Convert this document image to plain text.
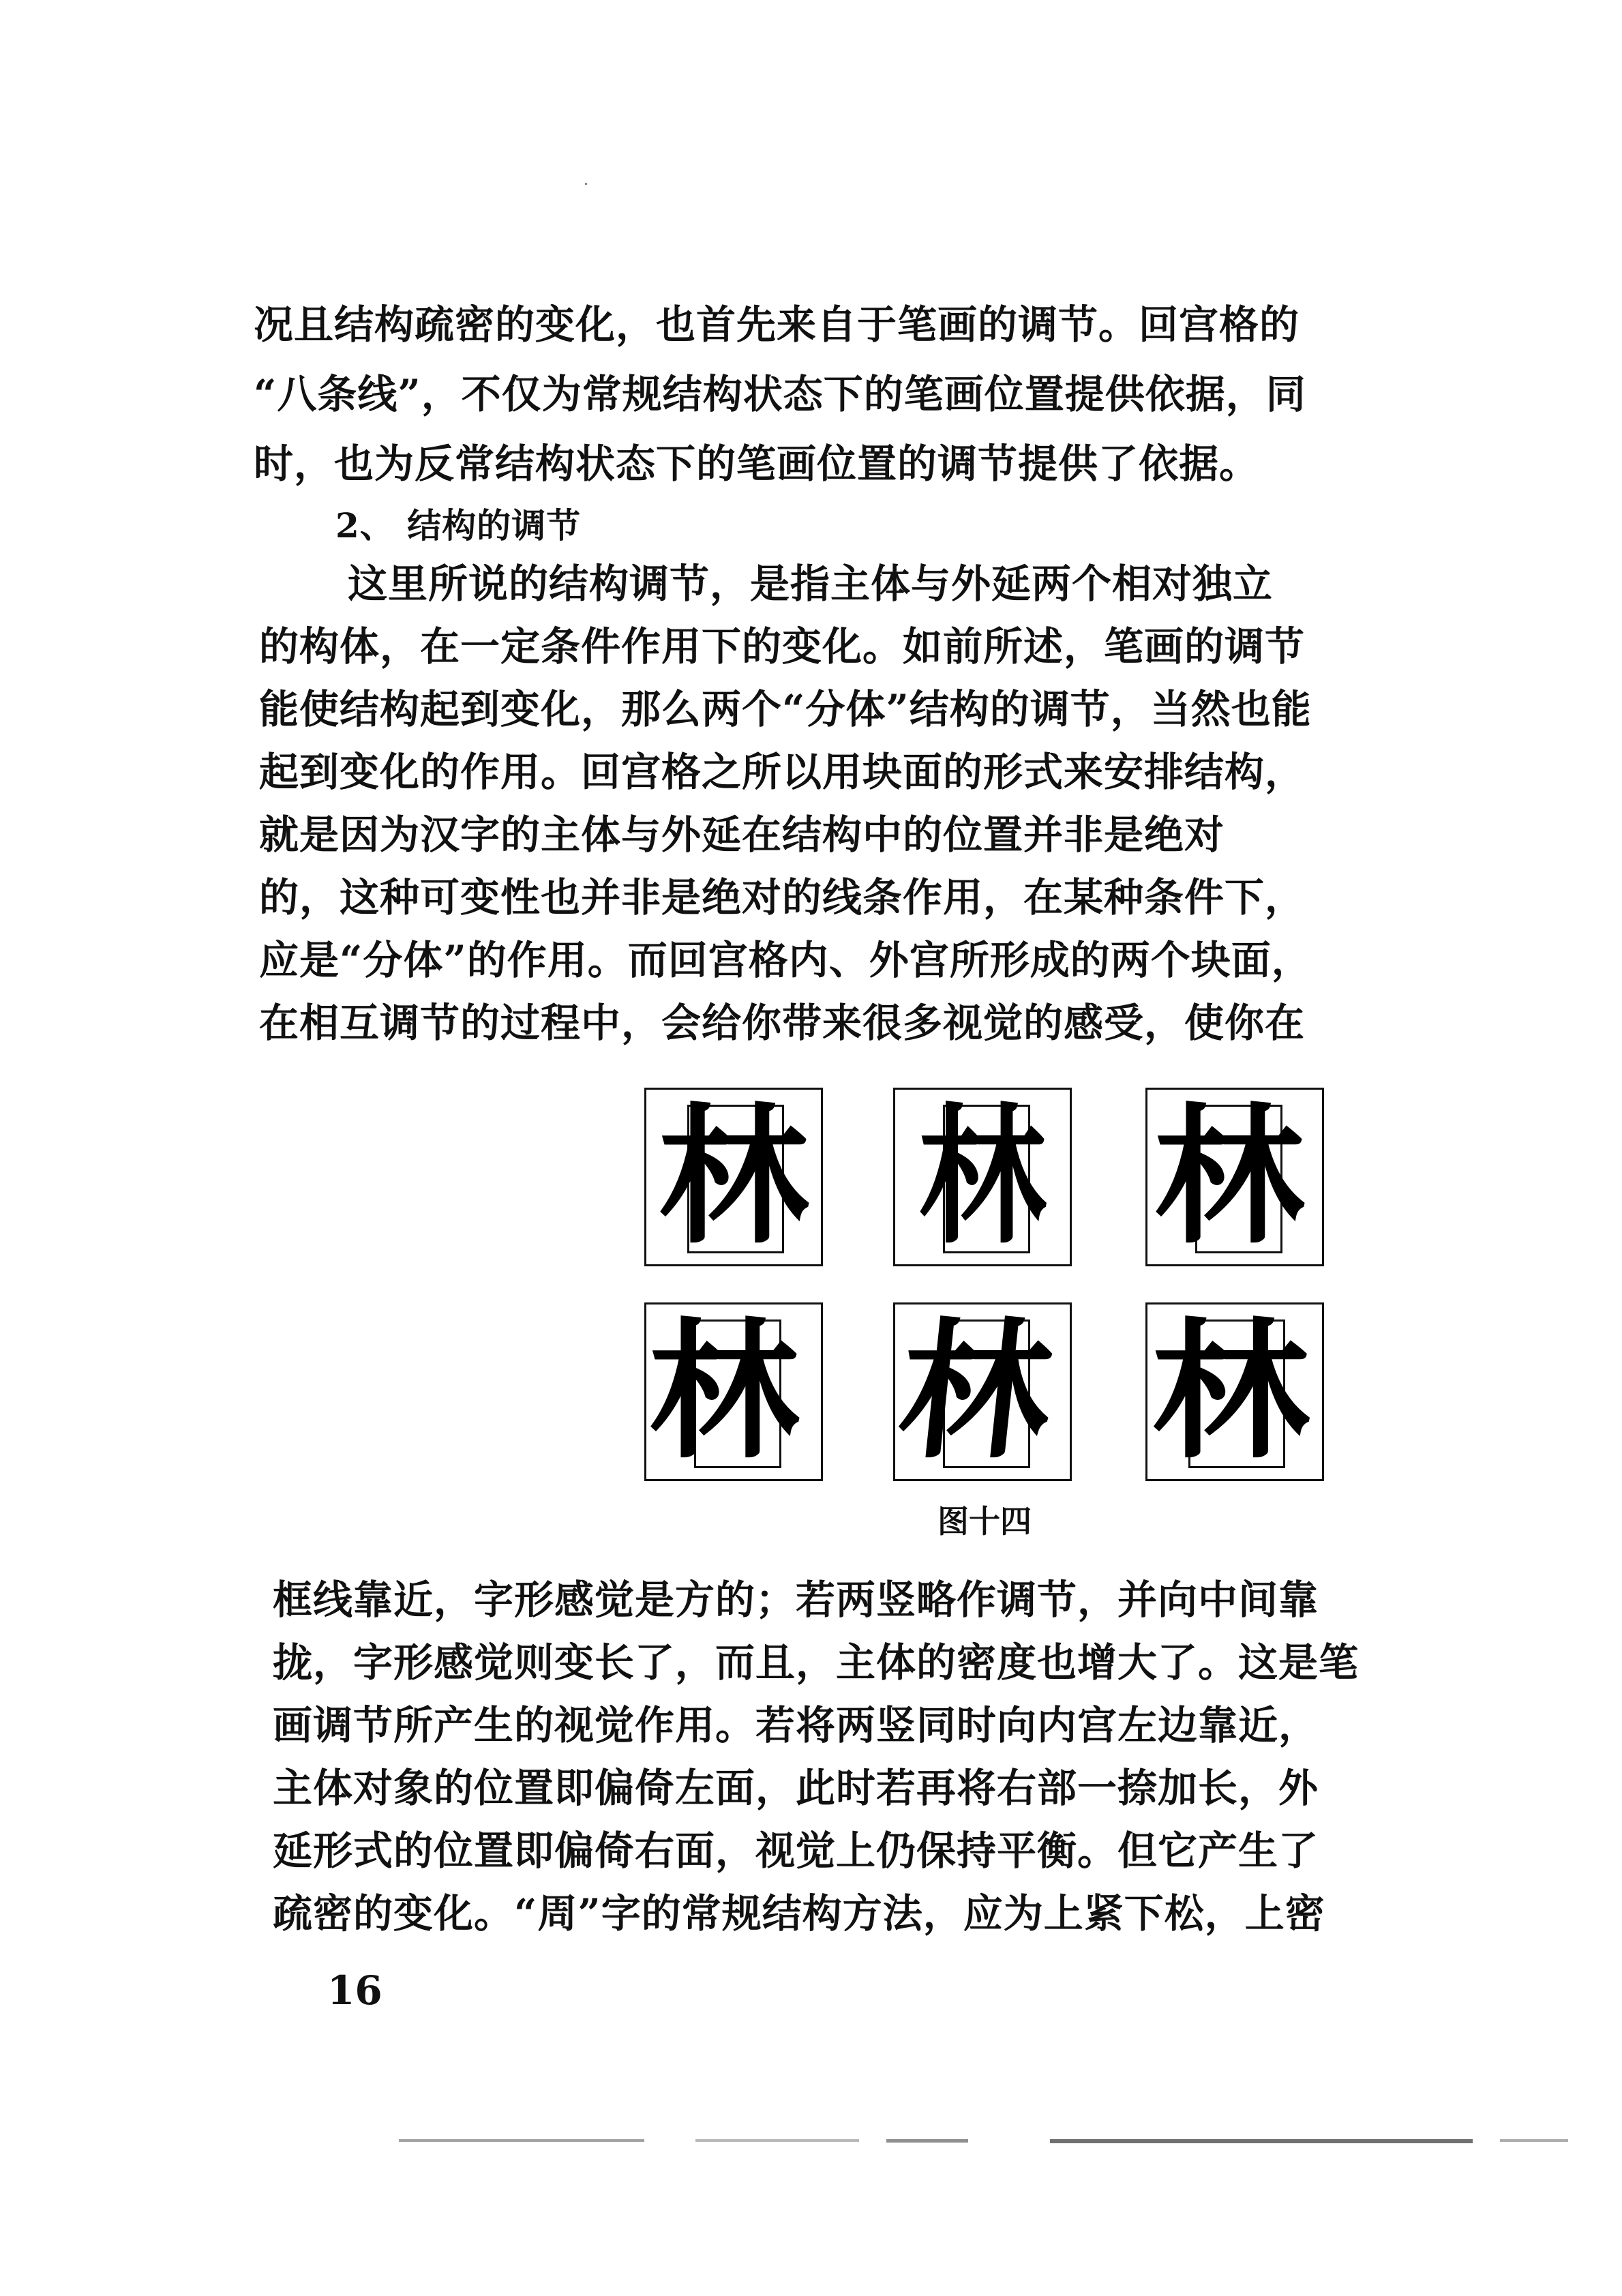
况且结构疏密的变化，也首先来自于笔画的调节。回宫格的
“八条线”，不仅为常规结构状态下的笔画位置提供依据，同
时，也为反常结构状态下的笔画位置的调节提供了依据。
2、 结构的调节
这里所说的结构调节，是指主体与外延两个相对独立
的构体，在一定条件作用下的变化。如前所述，笔画的调节
能使结构起到变化，那么两个“分体”结构的调节，当然也能
起到变化的作用。回宫格之所以用块面的形式来安排结构，
就是因为汉字的主体与外延在结构中的位置并非是绝对
的，这种可变性也并非是绝对的线条作用，在某种条件下，
应是“分体”的作用。而回宫格内、外宫所形成的两个块面，
在相互调节的过程中，会给你带来很多视觉的感受，使你在
林 林 林
林 林 林
图十四
框线靠近，字形感觉是方的；若两竖略作调节，并向中间靠
拢，字形感觉则变长了，而且，主体的密度也增大了。这是笔
画调节所产生的视觉作用。若将两竖同时向内宫左边靠近，
主体对象的位置即偏倚左面，此时若再将右部一捺加长，外
延形式的位置即偏倚右面，视觉上仍保持平衡。但它产生了
疏密的变化。“周”字的常规结构方法，应为上紧下松，上密
16
